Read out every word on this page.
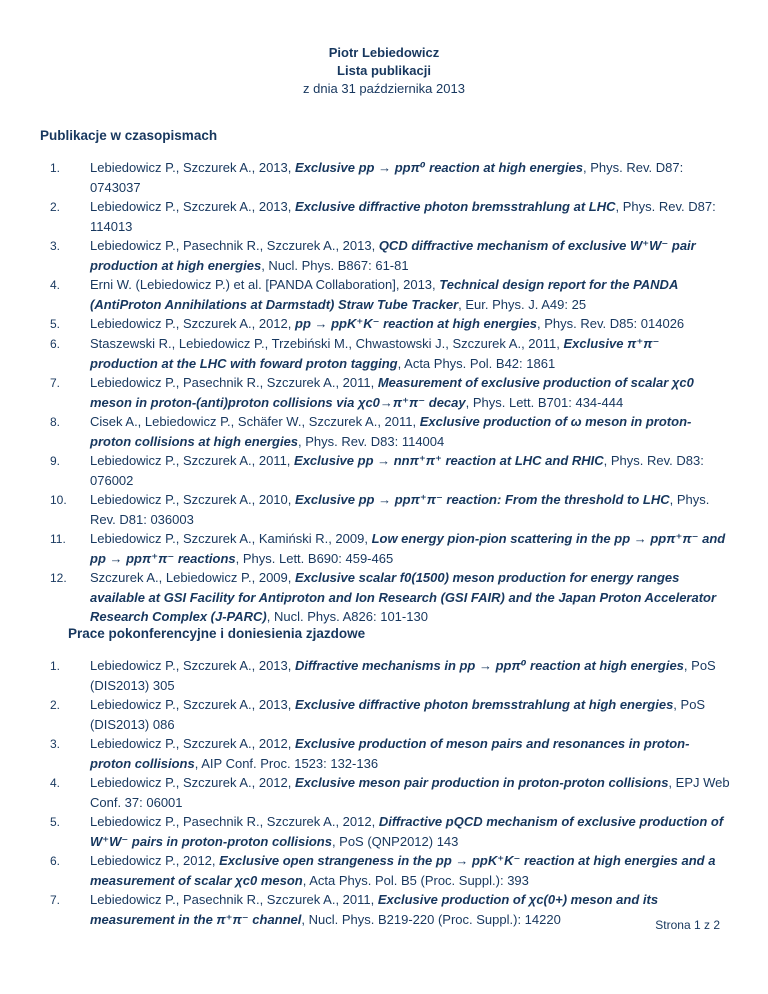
Piotr Lebiedowicz
Lista publikacji
z dnia 31 października 2013
Publikacje w czasopismach
1. Lebiedowicz P., Szczurek A., 2013, Exclusive pp → ppπ⁰ reaction at high energies, Phys. Rev. D87: 0743037
2. Lebiedowicz P., Szczurek A., 2013, Exclusive diffractive photon bremsstrahlung at LHC, Phys. Rev. D87: 114013
3. Lebiedowicz P., Pasechnik R., Szczurek A., 2013, QCD diffractive mechanism of exclusive W⁺W⁻ pair production at high energies, Nucl. Phys. B867: 61-81
4. Erni W. (Lebiedowicz P.) et al. [PANDA Collaboration], 2013, Technical design report for the PANDA (AntiProton Annihilations at Darmstadt) Straw Tube Tracker, Eur. Phys. J. A49: 25
5. Lebiedowicz P., Szczurek A., 2012, pp → ppK⁺K⁻ reaction at high energies, Phys. Rev. D85: 014026
6. Staszewski R., Lebiedowicz P., Trzebiński M., Chwastowski J., Szczurek A., 2011, Exclusive π⁺π⁻ production at the LHC with foward proton tagging, Acta Phys. Pol. B42: 1861
7. Lebiedowicz P., Pasechnik R., Szczurek A., 2011, Measurement of exclusive production of scalar χc0 meson in proton-(anti)proton collisions via χc0→π⁺π⁻ decay, Phys. Lett. B701: 434-444
8. Cisek A., Lebiedowicz P., Schäfer W., Szczurek A., 2011, Exclusive production of ω meson in proton-proton collisions at high energies, Phys. Rev. D83: 114004
9. Lebiedowicz P., Szczurek A., 2011, Exclusive pp → nnπ⁺π⁺ reaction at LHC and RHIC, Phys. Rev. D83: 076002
10. Lebiedowicz P., Szczurek A., 2010, Exclusive pp → ppπ⁺π⁻ reaction: From the threshold to LHC, Phys. Rev. D81: 036003
11. Lebiedowicz P., Szczurek A., Kamiński R., 2009, Low energy pion-pion scattering in the pp → ppπ⁺π⁻ and pp → ppπ⁺π⁻ reactions, Phys. Lett. B690: 459-465
12. Szczurek A., Lebiedowicz P., 2009, Exclusive scalar f0(1500) meson production for energy ranges available at GSI Facility for Antiproton and Ion Research (GSI FAIR) and the Japan Proton Accelerator Research Complex (J-PARC), Nucl. Phys. A826: 101-130
Prace pokonferencyjne i doniesienia zjazdowe
1. Lebiedowicz P., Szczurek A., 2013, Diffractive mechanisms in pp → ppπ⁰ reaction at high energies, PoS (DIS2013) 305
2. Lebiedowicz P., Szczurek A., 2013, Exclusive diffractive photon bremsstrahlung at high energies, PoS (DIS2013) 086
3. Lebiedowicz P., Szczurek A., 2012, Exclusive production of meson pairs and resonances in proton-proton collisions, AIP Conf. Proc. 1523: 132-136
4. Lebiedowicz P., Szczurek A., 2012, Exclusive meson pair production in proton-proton collisions, EPJ Web Conf. 37: 06001
5. Lebiedowicz P., Pasechnik R., Szczurek A., 2012, Diffractive pQCD mechanism of exclusive production of W⁺W⁻ pairs in proton-proton collisions, PoS (QNP2012) 143
6. Lebiedowicz P., 2012, Exclusive open strangeness in the pp → ppK⁺K⁻ reaction at high energies and a measurement of scalar χc0 meson, Acta Phys. Pol. B5 (Proc. Suppl.): 393
7. Lebiedowicz P., Pasechnik R., Szczurek A., 2011, Exclusive production of χc(0+) meson and its measurement in the π⁺π⁻ channel, Nucl. Phys. B219-220 (Proc. Suppl.): 14220	Strona 1 z 2
